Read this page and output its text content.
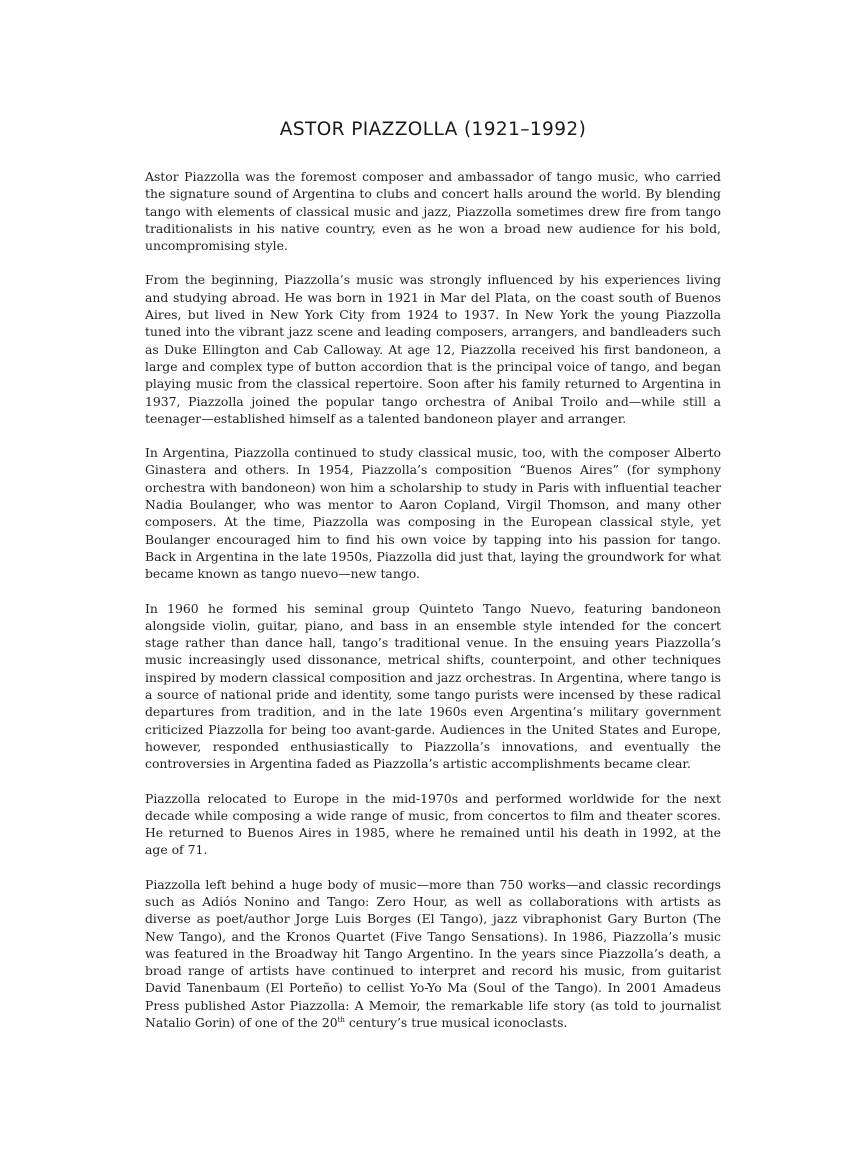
ASTOR PIAZZOLLA (1921–1992)

Astor Piazzolla was the foremost composer and ambassador of tango music, who carried the signature sound of Argentina to clubs and concert halls around the world. By blending tango with elements of classical music and jazz, Piazzolla sometimes drew fire from tango traditionalists in his native country, even as he won a broad new audience for his bold, uncompromising style.

From the beginning, Piazzolla’s music was strongly influenced by his experiences living and studying abroad. He was born in 1921 in Mar del Plata, on the coast south of Buenos Aires, but lived in New York City from 1924 to 1937. In New York the young Piazzolla tuned into the vibrant jazz scene and leading composers, arrangers, and bandleaders such as Duke Ellington and Cab Calloway. At age 12, Piazzolla received his first bandoneon, a large and complex type of button accordion that is the principal voice of tango, and began playing music from the classical repertoire. Soon after his family returned to Argentina in 1937, Piazzolla joined the popular tango orchestra of Anibal Troilo and—while still a teenager—established himself as a talented bandoneon player and arranger.

In Argentina, Piazzolla continued to study classical music, too, with the composer Alberto Ginastera and others. In 1954, Piazzolla’s composition “Buenos Aires” (for symphony orchestra with bandoneon) won him a scholarship to study in Paris with influential teacher Nadia Boulanger, who was mentor to Aaron Copland, Virgil Thomson, and many other composers. At the time, Piazzolla was composing in the European classical style, yet Boulanger encouraged him to find his own voice by tapping into his passion for tango. Back in Argentina in the late 1950s, Piazzolla did just that, laying the groundwork for what became known as tango nuevo—new tango.

In 1960 he formed his seminal group Quinteto Tango Nuevo, featuring bandoneon alongside violin, guitar, piano, and bass in an ensemble style intended for the concert stage rather than dance hall, tango’s traditional venue. In the ensuing years Piazzolla’s music increasingly used dissonance, metrical shifts, counterpoint, and other techniques inspired by modern classical composition and jazz orchestras. In Argentina, where tango is a source of national pride and identity, some tango purists were incensed by these radical departures from tradition, and in the late 1960s even Argentina’s military government criticized Piazzolla for being too avant-garde. Audiences in the United States and Europe, however, responded enthusiastically to Piazzolla’s innovations, and eventually the controversies in Argentina faded as Piazzolla’s artistic accomplishments became clear.

Piazzolla relocated to Europe in the mid-1970s and performed worldwide for the next decade while composing a wide range of music, from concertos to film and theater scores. He returned to Buenos Aires in 1985, where he remained until his death in 1992, at the age of 71.

Piazzolla left behind a huge body of music—more than 750 works—and classic recordings such as Adiós Nonino and Tango: Zero Hour, as well as collaborations with artists as diverse as poet/author Jorge Luis Borges (El Tango), jazz vibraphonist Gary Burton (The New Tango), and the Kronos Quartet (Five Tango Sensations). In 1986, Piazzolla’s music was featured in the Broadway hit Tango Argentino. In the years since Piazzolla’s death, a broad range of artists have continued to interpret and record his music, from guitarist David Tanenbaum (El Porteño) to cellist Yo-Yo Ma (Soul of the Tango). In 2001 Amadeus Press published Astor Piazzolla: A Memoir, the remarkable life story (as told to journalist Natalio Gorin) of one of the 20th century’s true musical iconoclasts.
